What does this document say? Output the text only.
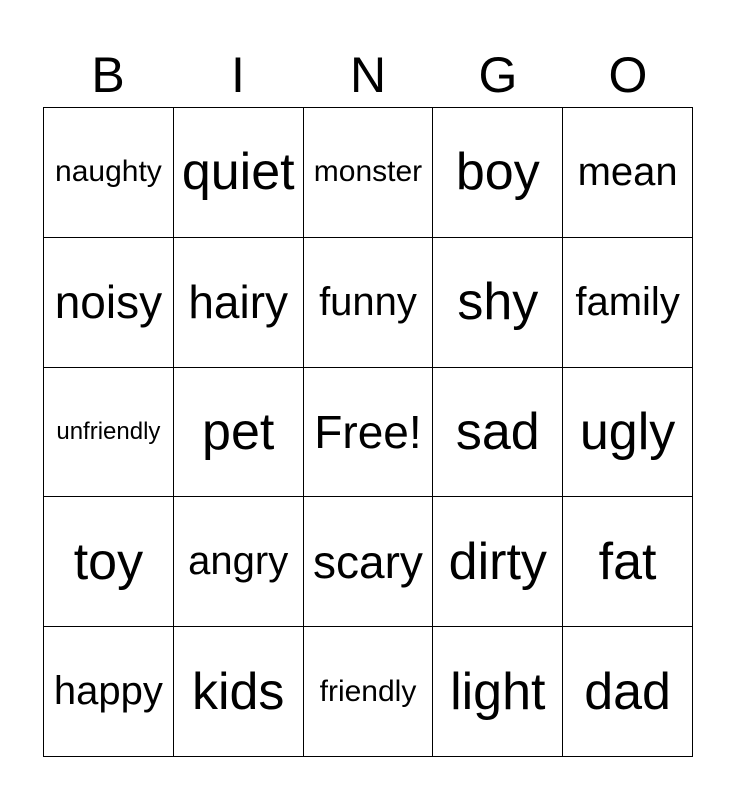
B	I	N	G	O
naughty quiet monster boy mean
noisy hairy funny shy family
unfriendly pet Free! sad ugly
toy angry scary dirty fat
happy kids friendly light dad
